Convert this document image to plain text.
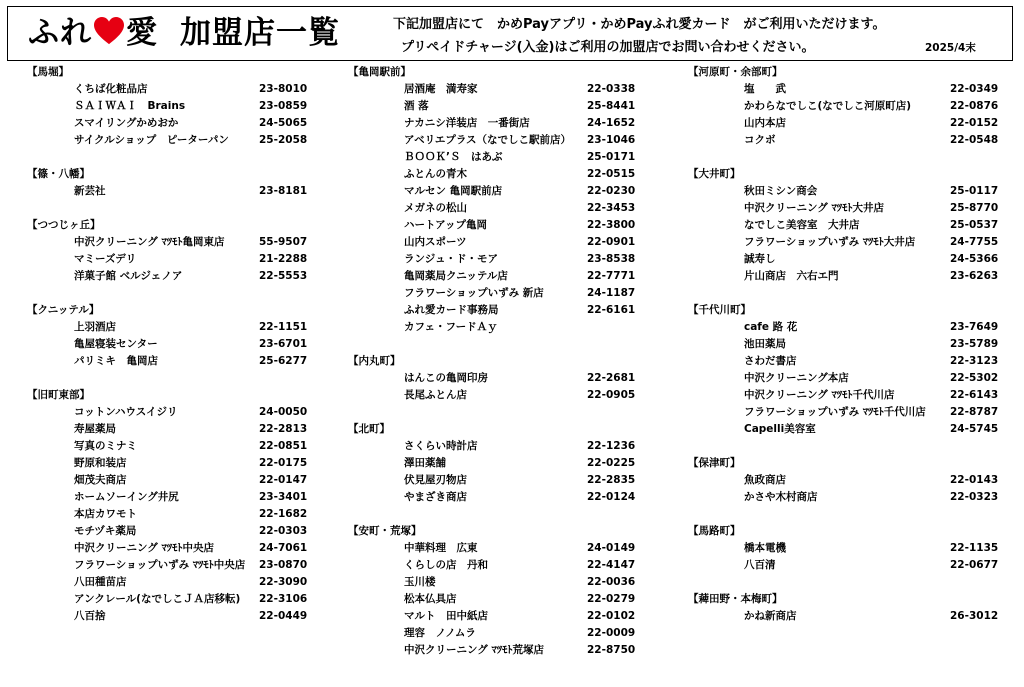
ふれ 愛 加盟店一覧	下記加盟店にて　かめPayアプリ・かめPayふれ愛カード　がご利用いただけます。
プリペイドチャージ(入金)はご利用の加盟店でお問い合わせください。	2025/4末
【馬堀】
くちば化粧品店	23-8010
ＳＡＩＷＡＩ　Brains	23-0859
スマイリングかめおか	24-5065
サイクルショップ　ピーターパン	25-2058
【篠・八幡】
新芸社	23-8181
【つつじヶ丘】
中沢クリーニング ﾏﾂﾓﾄ亀岡東店	55-9507
マミーズデリ	21-2288
洋菓子館 ベルジェノア	22-5553
【クニッテル】
上羽酒店	22-1151
亀屋寝装センター	23-6701
パリミキ　亀岡店	25-6277
【旧町東部】
コットンハウスイジリ	24-0050
寿屋薬局	22-2813
写真のミナミ	22-0851
野原和装店	22-0175
畑茂夫商店	22-0147
ホームソーイング井尻	23-3401
本店カワモト	22-1682
モチヅキ薬局	22-0303
中沢クリーニング ﾏﾂﾓﾄ中央店	24-7061
フラワーショップいずみ ﾏﾂﾓﾄ中央店 23-0870
八田種苗店	22-3090
アンクレール(なでしこＪＡ店移転) 22-3106
八百捨	22-0449
【亀岡駅前】
居酒庵　満寿家	22-0338
酒 落	25-8441
ナカニシ洋装店　一番街店	24-1652
アベリエプラス（なでしこ駅前店） 23-1046
ＢＯＯＫ’Ｓ　はあぶ	25-0171
ふとんの青木	22-0515
マルセン 亀岡駅前店	22-0230
メガネの松山	22-3453
ハートアップ亀岡	22-3800
山内スポーツ	22-0901
ランジュ・ド・モア	23-8538
亀岡薬局クニッテル店	22-7771
フラワーショップいずみ 新店	24-1187
ふれ愛カード事務局	22-6161
カフェ・フードＡｙ
【内丸町】
はんこの亀岡印房	22-2681
長尾ふとん店	22-0905
【北町】
さくらい時計店	22-1236
澤田薬舗	22-0225
伏見屋刃物店	22-2835
やまざき商店	22-0124
【安町・荒塚】
中華料理　広東	24-0149
くらしの店　丹和	22-4147
玉川楼	22-0036
松本仏具店	22-0279
マルト　田中紙店	22-0102
理容　ノノムラ	22-0009
中沢クリーニング ﾏﾂﾓﾄ荒塚店	22-8750
【河原町・余部町】
塩　　武	22-0349
かわらなでしこ(なでしこ河原町店)	22-0876
山内本店	22-0152
コクボ	22-0548
【大井町】
秋田ミシン商会	25-0117
中沢クリーニング ﾏﾂﾓﾄ大井店	25-8770
なでしこ美容室　大井店	25-0537
フラワーショップいずみ ﾏﾂﾓﾄ大井店	24-7755
誠寿し	24-5366
片山商店　六右エ門	23-6263
【千代川町】
cafe 路 花	23-7649
池田薬局	23-5789
さわだ書店	22-3123
中沢クリーニング本店	22-5302
中沢クリーニング ﾏﾂﾓﾄ千代川店	22-6143
フラワーショップいずみ ﾏﾂﾓﾄ千代川店 22-8787
Capelli美容室	24-5745
【保津町】
魚政商店	22-0143
かさや木村商店	22-0323
【馬路町】
橋本電機	22-1135
八百清	22-0677
【薭田野・本梅町】
かね新商店	26-3012
